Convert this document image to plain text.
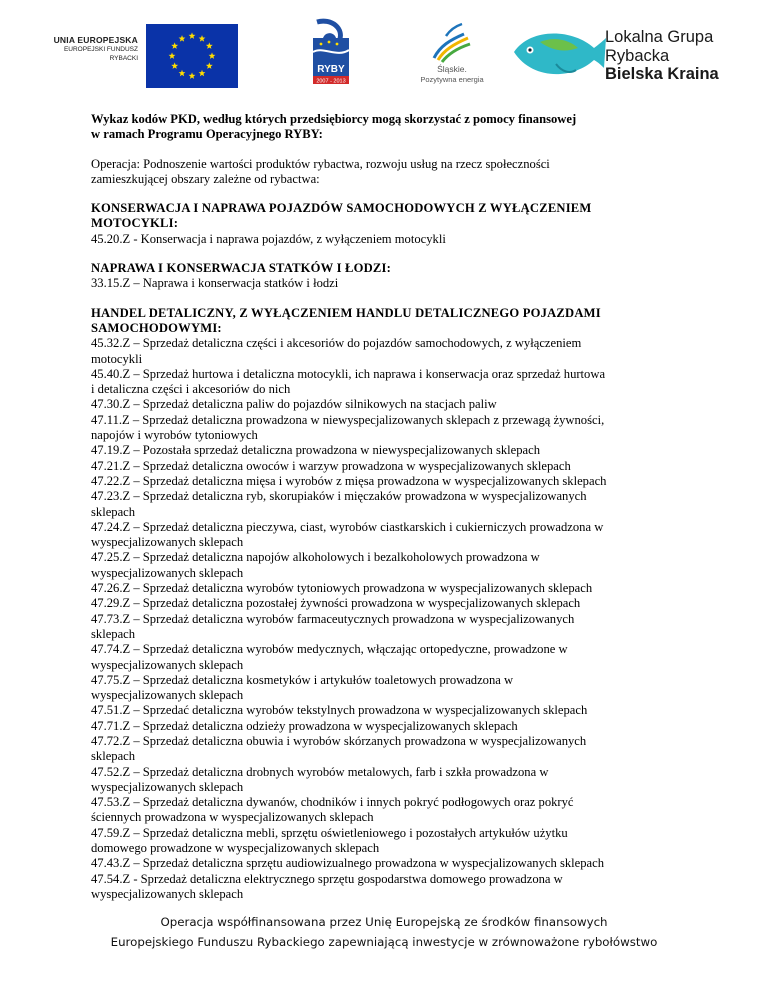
UNIA EUROPEJSKA
EUROPEJSKI FUNDUSZ
RYBACKI
RYBY
2007 - 2013
Śląskie.
Pozytywna energia
Lokalna Grupa
Rybacka
Bielska Kraina

Wykaz kodów PKD, według których przedsiębiorcy mogą skorzystać z pomocy finansowej

w ramach Programu Operacyjnego RYBY:

Operacja: Podnoszenie wartości produktów rybactwa, rozwoju usług na rzecz społeczności

zamieszkującej obszary zależne od rybactwa:

KONSERWACJA I NAPRAWA POJAZDÓW SAMOCHODOWYCH Z WYŁĄCZENIEM

MOTOCYKLI:

45.20.Z - Konserwacja i naprawa pojazdów, z wyłączeniem motocykli

NAPRAWA I KONSERWACJA STATKÓW I ŁODZI:

33.15.Z – Naprawa i konserwacja statków i łodzi

HANDEL DETALICZNY, Z WYŁĄCZENIEM HANDLU DETALICZNEGO POJAZDAMI

SAMOCHODOWYMI:

45.32.Z – Sprzedaż detaliczna części i akcesoriów do pojazdów samochodowych, z wyłączeniem

motocykli

45.40.Z – Sprzedaż hurtowa i detaliczna motocykli, ich naprawa i konserwacja oraz sprzedaż hurtowa

i detaliczna części i akcesoriów do nich

47.30.Z – Sprzedaż detaliczna paliw do pojazdów silnikowych na stacjach paliw

47.11.Z – Sprzedaż detaliczna prowadzona w niewyspecjalizowanych sklepach z przewagą żywności,

napojów i wyrobów tytoniowych

47.19.Z – Pozostała sprzedaż detaliczna prowadzona w niewyspecjalizowanych sklepach

47.21.Z – Sprzedaż detaliczna owoców i warzyw prowadzona w wyspecjalizowanych sklepach

47.22.Z – Sprzedaż detaliczna mięsa i wyrobów z mięsa prowadzona w wyspecjalizowanych sklepach

47.23.Z – Sprzedaż detaliczna ryb, skorupiaków i mięczaków prowadzona w wyspecjalizowanych

sklepach

47.24.Z – Sprzedaż detaliczna pieczywa, ciast, wyrobów ciastkarskich i cukierniczych prowadzona w

wyspecjalizowanych sklepach

47.25.Z – Sprzedaż detaliczna napojów alkoholowych i bezalkoholowych prowadzona w

wyspecjalizowanych sklepach

47.26.Z – Sprzedaż detaliczna wyrobów tytoniowych prowadzona w wyspecjalizowanych sklepach

47.29.Z – Sprzedaż detaliczna pozostałej żywności prowadzona w wyspecjalizowanych sklepach

47.73.Z – Sprzedaż detaliczna wyrobów farmaceutycznych prowadzona w wyspecjalizowanych

sklepach

47.74.Z – Sprzedaż detaliczna wyrobów medycznych, włączając ortopedyczne, prowadzone w

wyspecjalizowanych sklepach

47.75.Z – Sprzedaż detaliczna kosmetyków i artykułów toaletowych prowadzona w

wyspecjalizowanych sklepach

47.51.Z – Sprzedać detaliczna wyrobów tekstylnych prowadzona w wyspecjalizowanych sklepach

47.71.Z – Sprzedaż detaliczna odzieży prowadzona w wyspecjalizowanych sklepach

47.72.Z – Sprzedaż detaliczna obuwia i wyrobów skórzanych prowadzona w wyspecjalizowanych

sklepach

47.52.Z – Sprzedaż detaliczna drobnych wyrobów metalowych, farb i szkła prowadzona w

wyspecjalizowanych sklepach

47.53.Z – Sprzedaż detaliczna dywanów, chodników i innych pokryć podłogowych oraz pokryć

ściennych prowadzona w wyspecjalizowanych sklepach

47.59.Z – Sprzedaż detaliczna mebli, sprzętu oświetleniowego i pozostałych artykułów użytku

domowego prowadzone w wyspecjalizowanych sklepach

47.43.Z – Sprzedaż detaliczna sprzętu audiowizualnego prowadzona w wyspecjalizowanych sklepach

47.54.Z - Sprzedaż detaliczna elektrycznego sprzętu gospodarstwa domowego prowadzona w

wyspecjalizowanych sklepach

Operacja współfinansowana przez Unię Europejską ze środków finansowych
Europejskiego Funduszu Rybackiego zapewniającą inwestycje w zrównoważone rybołówstwo
